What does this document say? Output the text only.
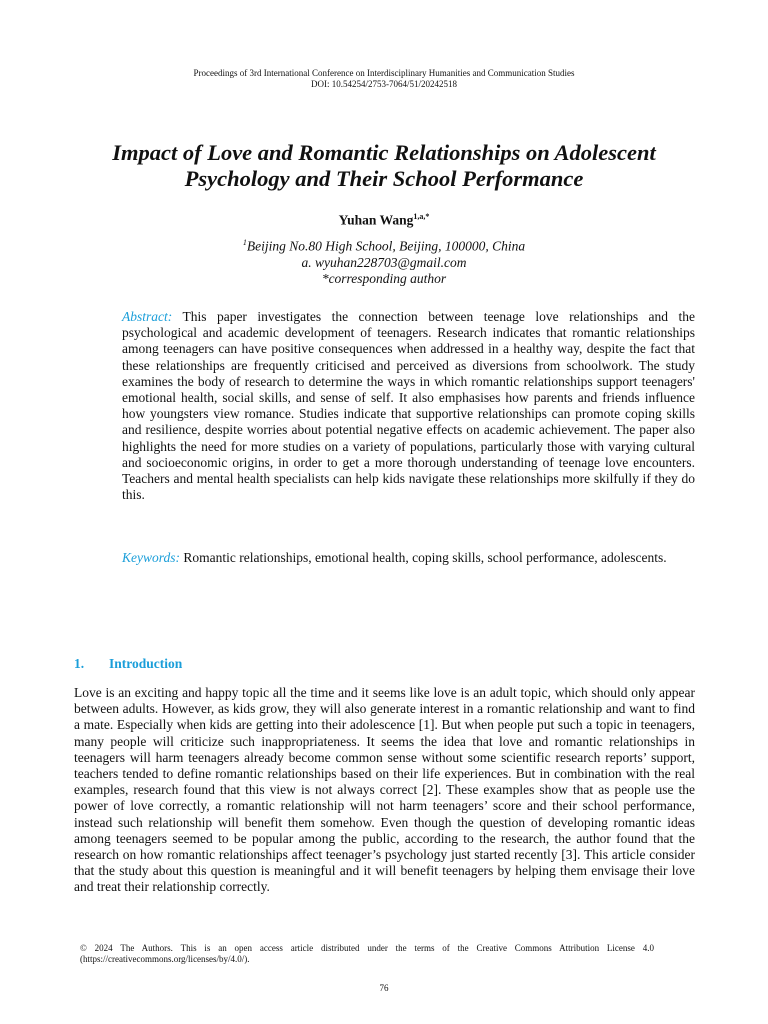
Proceedings of 3rd International Conference on Interdisciplinary Humanities and Communication Studies
DOI: 10.54254/2753-7064/51/20242518
Impact of Love and Romantic Relationships on Adolescent Psychology and Their School Performance
Yuhan Wang$^{1,a,*}$
$^1$Beijing No.80 High School, Beijing, 100000, China
a. wyuhan228703@gmail.com
*corresponding author
Abstract: This paper investigates the connection between teenage love relationships and the psychological and academic development of teenagers. Research indicates that romantic relationships among teenagers can have positive consequences when addressed in a healthy way, despite the fact that these relationships are frequently criticised and perceived as diversions from schoolwork. The study examines the body of research to determine the ways in which romantic relationships support teenagers' emotional health, social skills, and sense of self. It also emphasises how parents and friends influence how youngsters view romance. Studies indicate that supportive relationships can promote coping skills and resilience, despite worries about potential negative effects on academic achievement. The paper also highlights the need for more studies on a variety of populations, particularly those with varying cultural and socioeconomic origins, in order to get a more thorough understanding of teenage love encounters. Teachers and mental health specialists can help kids navigate these relationships more skilfully if they do this.
Keywords: Romantic relationships, emotional health, coping skills, school performance, adolescents.
1. Introduction
Love is an exciting and happy topic all the time and it seems like love is an adult topic, which should only appear between adults. However, as kids grow, they will also generate interest in a romantic relationship and want to find a mate. Especially when kids are getting into their adolescence [1]. But when people put such a topic in teenagers, many people will criticize such inappropriateness. It seems the idea that love and romantic relationships in teenagers will harm teenagers already become common sense without some scientific research reports’ support, teachers tended to define romantic relationships based on their life experiences. But in combination with the real examples, research found that this view is not always correct [2]. These examples show that as people use the power of love correctly, a romantic relationship will not harm teenagers’ score and their school performance, instead such relationship will benefit them somehow. Even though the question of developing romantic ideas among teenagers seemed to be popular among the public, according to the research, the author found that the research on how romantic relationships affect teenager’s psychology just started recently [3]. This article consider that the study about this question is meaningful and it will benefit teenagers by helping them envisage their love and treat their relationship correctly.
© 2024 The Authors. This is an open access article distributed under the terms of the Creative Commons Attribution License 4.0 (https://creativecommons.org/licenses/by/4.0/).
76
